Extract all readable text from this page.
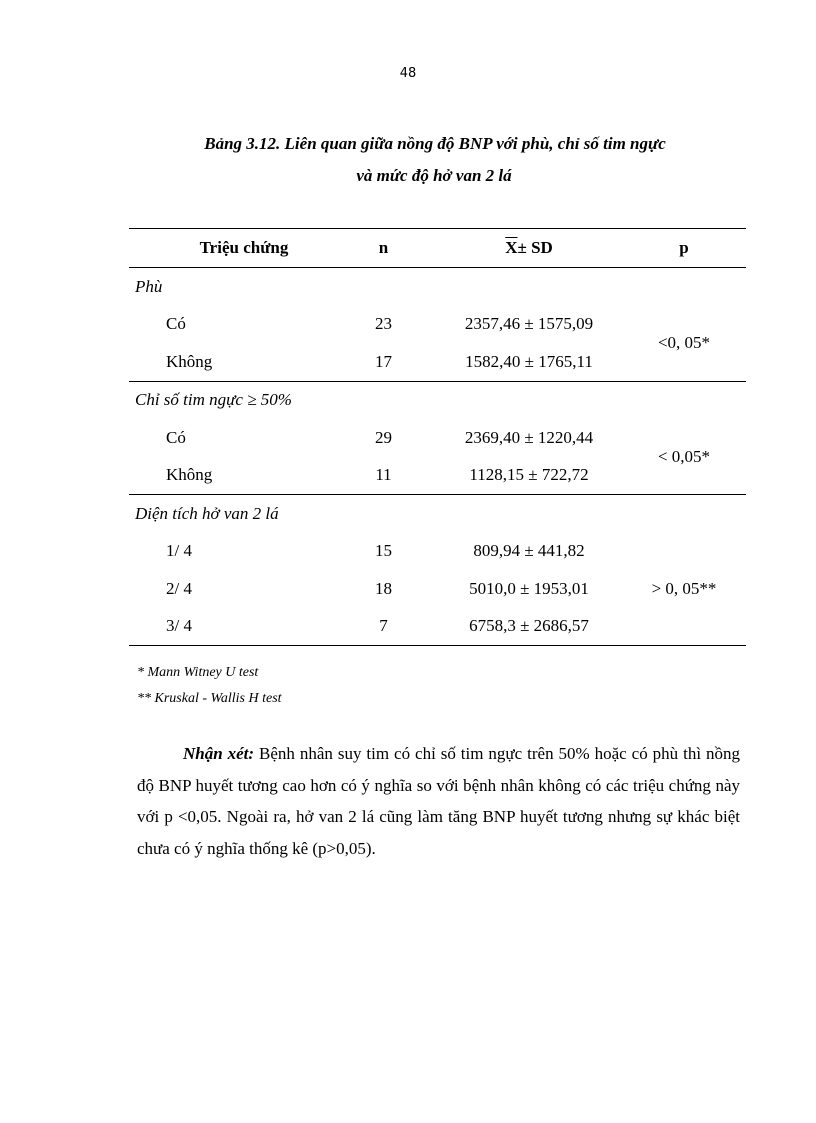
48
Bảng 3.12. Liên quan giữa nồng độ BNP với phù, chỉ số tim ngực
và mức độ hở van 2 lá
Triệu chứng	n	$\overline{X}$ ± SD	p
Phù
Có	23	2357,46 ± 1575,09
Không	17	1582,40 ± 1765,11
<0, 05*
Chỉ số tim ngực ≥ 50%
Có	29	2369,40 ± 1220,44
Không	11	1128,15 ± 722,72
< 0,05*
Diện tích hở van 2 lá
1/ 4	15	809,94 ± 441,82
2/ 4	18	5010,0 ± 1953,01
3/ 4	7	6758,3 ± 2686,57
> 0, 05**
* Mann Witney U test
** Kruskal - Wallis H test
Nhận xét: Bệnh nhân suy tim có chỉ số tim ngực trên 50% hoặc có phù thì nồng độ BNP huyết tương cao hơn có ý nghĩa so với bệnh nhân không có các triệu chứng này với p <0,05. Ngoài ra, hở van 2 lá cũng làm tăng BNP huyết tương nhưng sự khác biệt chưa có ý nghĩa thống kê (p>0,05).
